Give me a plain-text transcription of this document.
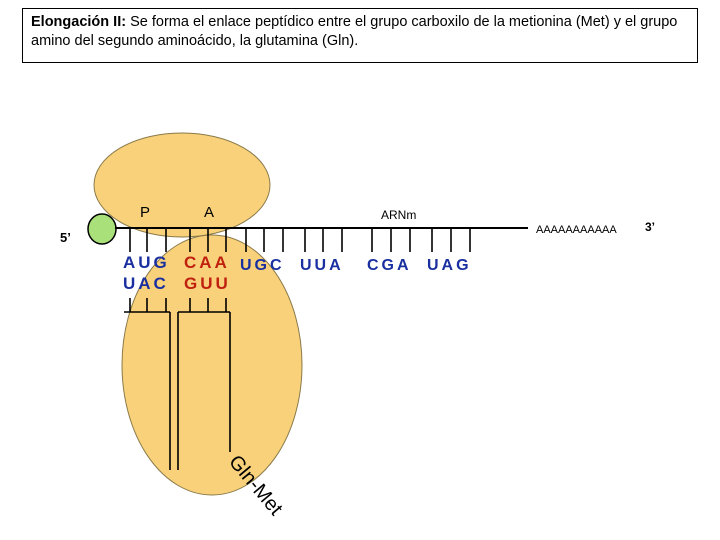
Elongación II: Se forma el enlace peptídico entre el grupo carboxilo de la metionina (Met) y el grupo amino del segundo aminoácido, la glutamina (Gln).
P	A	ARNm
5’	AAAAAAAAAAA 3’
AUG CAA UGC UUA CGA UAG
UAC GUU
Gln-Met
